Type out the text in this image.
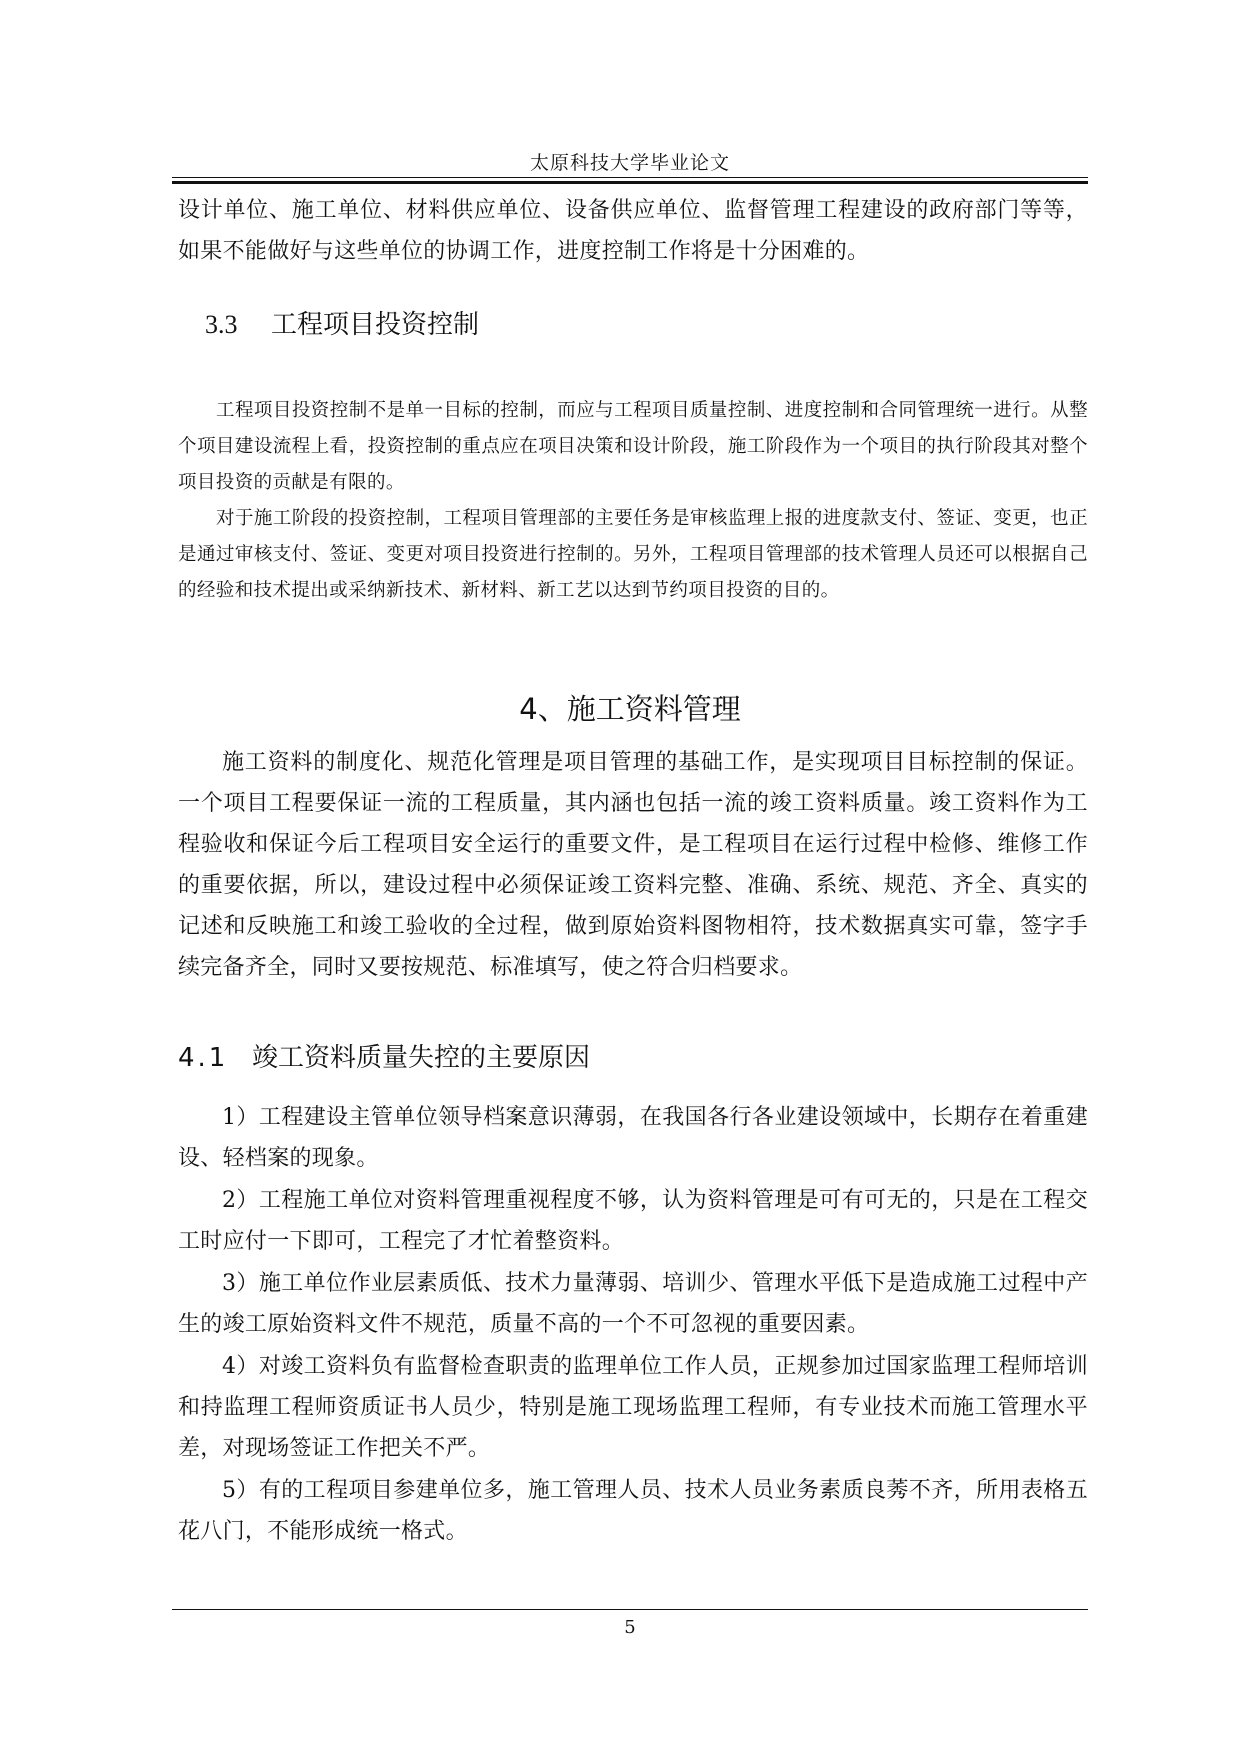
太原科技大学毕业论文

设计单位、施工单位、材料供应单位、设备供应单位、监督管理工程建设的政府部门等等，如果不能做好与这些单位的协调工作，进度控制工作将是十分困难的。

3.3 工程项目投资控制

工程项目投资控制不是单一目标的控制，而应与工程项目质量控制、进度控制和合同管理统一进行。从整个项目建设流程上看，投资控制的重点应在项目决策和设计阶段，施工阶段作为一个项目的执行阶段其对整个项目投资的贡献是有限的。

对于施工阶段的投资控制，工程项目管理部的主要任务是审核监理上报的进度款支付、签证、变更，也正是通过审核支付、签证、变更对项目投资进行控制的。另外，工程项目管理部的技术管理人员还可以根据自己的经验和技术提出或采纳新技术、新材料、新工艺以达到节约项目投资的目的。

4、施工资料管理

施工资料的制度化、规范化管理是项目管理的基础工作，是实现项目目标控制的保证。 一个项目工程要保证一流的工程质量，其内涵也包括一流的竣工资料质量。竣工资料作为工程验收和保证今后工程项目安全运行的重要文件，是工程项目在运行过程中检修、维修工作的重要依据，所以，建设过程中必须保证竣工资料完整、准确、系统、规范、齐全、真实的记述和反映施工和竣工验收的全过程，做到原始资料图物相符，技术数据真实可靠，签字手续完备齐全，同时又要按规范、标准填写，使之符合归档要求。

4.1 竣工资料质量失控的主要原因

1）工程建设主管单位领导档案意识薄弱，在我国各行各业建设领域中，长期存在着重建设、轻档案的现象。

2）工程施工单位对资料管理重视程度不够，认为资料管理是可有可无的，只是在工程交工时应付一下即可，工程完了才忙着整资料。

3）施工单位作业层素质低、技术力量薄弱、培训少、管理水平低下是造成施工过程中产生的竣工原始资料文件不规范，质量不高的一个不可忽视的重要因素。

4）对竣工资料负有监督检查职责的监理单位工作人员，正规参加过国家监理工程师培训和持监理工程师资质证书人员少，特别是施工现场监理工程师，有专业技术而施工管理水平差，对现场签证工作把关不严。

5）有的工程项目参建单位多，施工管理人员、技术人员业务素质良莠不齐，所用表格五花八门，不能形成统一格式。

5
